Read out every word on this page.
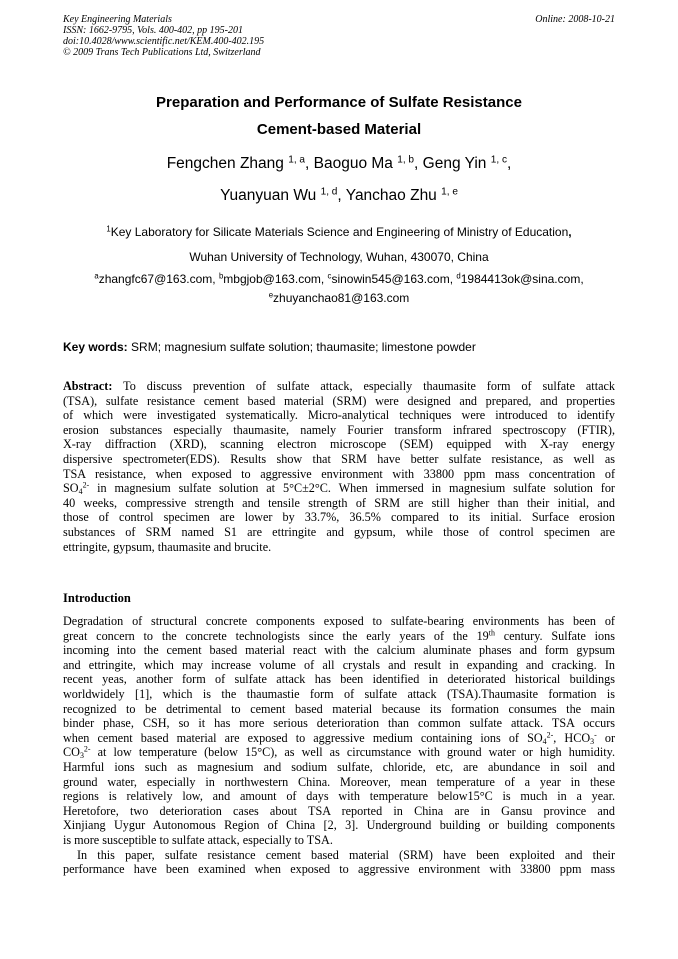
Key Engineering Materials
ISSN: 1662-9795, Vols. 400-402, pp 195-201
doi:10.4028/www.scientific.net/KEM.400-402.195
© 2009 Trans Tech Publications Ltd, Switzerland
Online: 2008-10-21
Preparation and Performance of Sulfate Resistance
Cement-based Material
Fengchen Zhang $^{1, a}$, Baoguo Ma $^{1, b}$, Geng Yin $^{1, c}$,
Yuanyuan Wu $^{1, d}$, Yanchao Zhu $^{1, e}$
$^1$Key Laboratory for Silicate Materials Science and Engineering of Ministry of Education,
Wuhan University of Technology, Wuhan, 430070, China
$^a$zhangfc67@163.com, $^b$mbgjob@163.com, $^c$sinowin545@163.com, $^d$1984413ok@sina.com,
$^e$zhuyanchao81@163.com
Key words: SRM; magnesium sulfate solution; thaumasite; limestone powder
Abstract: To discuss prevention of sulfate attack, especially thaumasite form of sulfate attack
(TSA), sulfate resistance cement based material (SRM) were designed and prepared, and properties
of which were investigated systematically. Micro-analytical techniques were introduced to identify
erosion substances especially thaumasite, namely Fourier transform infrared spectroscopy (FTIR),
X-ray diffraction (XRD), scanning electron microscope (SEM) equipped with X-ray energy
dispersive spectrometer(EDS). Results show that SRM have better sulfate resistance, as well as
TSA resistance, when exposed to aggressive environment with 33800 ppm mass concentration of
$SO_4^{2-}$ in magnesium sulfate solution at 5°C±2°C. When immersed in magnesium sulfate solution for
40 weeks, compressive strength and tensile strength of SRM are still higher than their initial, and
those of control specimen are lower by 33.7%, 36.5% compared to its initial. Surface erosion
substances of SRM named S1 are ettringite and gypsum, while those of control specimen are
ettringite, gypsum, thaumasite and brucite.
Introduction
Degradation of structural concrete components exposed to sulfate-bearing environments has been of
great concern to the concrete technologists since the early years of the 19th century. Sulfate ions
incoming into the cement based material react with the calcium aluminate phases and form gypsum
and ettringite, which may increase volume of all crystals and result in expanding and cracking. In
recent yeas, another form of sulfate attack has been identified in deteriorated historical buildings
worldwidely [1], which is the thaumastie form of sulfate attack (TSA).Thaumasite formation is
recognized to be detrimental to cement based material because its formation consumes the main
binder phase, CSH, so it has more serious deterioration than common sulfate attack. TSA occurs
when cement based material are exposed to aggressive medium containing ions of $SO_4^{2-}$, $HCO_3^-$ or
$CO_3^{2-}$ at low temperature (below 15°C), as well as circumstance with ground water or high humidity.
Harmful ions such as magnesium and sodium sulfate, chloride, etc, are abundance in soil and
ground water, especially in northwestern China. Moreover, mean temperature of a year in these
regions is relatively low, and amount of days with temperature below15°C is much in a year.
Heretofore, two deterioration cases about TSA reported in China are in Gansu province and
Xinjiang Uygur Autonomous Region of China [2, 3]. Underground building or building components
is more susceptible to sulfate attack, especially to TSA.
In this paper, sulfate resistance cement based material (SRM) have been exploited and their
performance have been examined when exposed to aggressive environment with 33800 ppm mass
